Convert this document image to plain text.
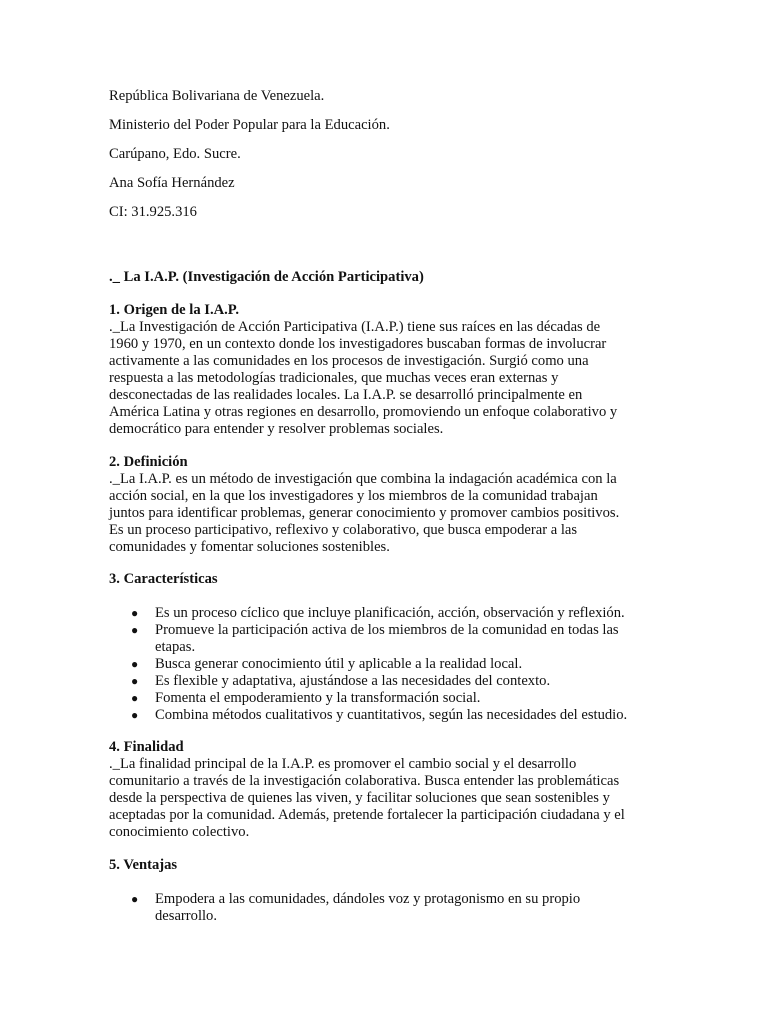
República Bolivariana de Venezuela.

Ministerio del Poder Popular para la Educación.

Carúpano, Edo. Sucre.

Ana Sofía Hernández

CI: 31.925.316

._ La I.A.P. (Investigación de Acción Participativa)
1. Origen de la I.A.P.

._La Investigación de Acción Participativa (I.A.P.) tiene sus raíces en las décadas de
1960 y 1970, en un contexto donde los investigadores buscaban formas de involucrar
activamente a las comunidades en los procesos de investigación. Surgió como una
respuesta a las metodologías tradicionales, que muchas veces eran externas y
desconectadas de las realidades locales. La I.A.P. se desarrolló principalmente en
América Latina y otras regiones en desarrollo, promoviendo un enfoque colaborativo y
democrático para entender y resolver problemas sociales.

2. Definición

._La I.A.P. es un método de investigación que combina la indagación académica con la
acción social, en la que los investigadores y los miembros de la comunidad trabajan
juntos para identificar problemas, generar conocimiento y promover cambios positivos.
Es un proceso participativo, reflexivo y colaborativo, que busca empoderar a las
comunidades y fomentar soluciones sostenibles.

3. Características
● Es un proceso cíclico que incluye planificación, acción, observación y reflexión.
● Promueve la participación activa de los miembros de la comunidad en todas las
etapas.
● Busca generar conocimiento útil y aplicable a la realidad local.
● Es flexible y adaptativa, ajustándose a las necesidades del contexto.
● Fomenta el empoderamiento y la transformación social.
● Combina métodos cualitativos y cuantitativos, según las necesidades del estudio.
4. Finalidad

._La finalidad principal de la I.A.P. es promover el cambio social y el desarrollo
comunitario a través de la investigación colaborativa. Busca entender las problemáticas
desde la perspectiva de quienes las viven, y facilitar soluciones que sean sostenibles y
aceptadas por la comunidad. Además, pretende fortalecer la participación ciudadana y el
conocimiento colectivo.

5. Ventajas
● Empodera a las comunidades, dándoles voz y protagonismo en su propio
desarrollo.
